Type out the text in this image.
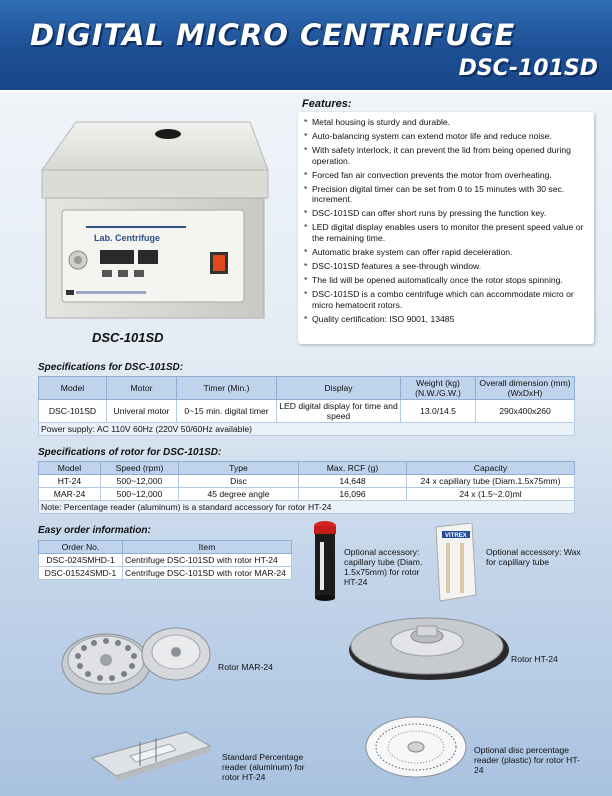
DIGITAL MICRO CENTRIFUGE
DSC-101SD
Lab. Centrifuge
DSC-101SD
Features:
* Metal housing is sturdy and durable.
* Auto-balancing system can extend motor life and reduce noise.
* With safety interlock, it can prevent the lid from being opened during operation.
* Forced fan air convection prevents the motor from overheating.
* Precision digital timer can be set from 0 to 15 minutes with 30 sec. increment.
* DSC-101SD can offer short runs by pressing the function key.
* LED digital display enables users to monitor the present speed value or the remaining time.
* Automatic brake system can offer rapid deceleration.
* DSC-101SD features a see-through window.
* The lid will be opened automatically once the rotor stops spinning.
* DSC-101SD is a combo centrifuge which can accommodate micro or micro hematocrit rotors.
* Quality certification: ISO 9001, 13485
Specifications for DSC-101SD:
Model	Motor	Timer (Min.)	Display	Weight (kg) (N.W./G.W.)	Overall dimension (mm) (WxDxH)
DSC-101SD	Univeral motor	0~15 min. digital timer	LED digital display for time and speed	13.0/14.5	290x400x260
Power supply: AC 110V 60Hz (220V 50/60Hz available)					
Specifications of rotor for DSC-101SD:
Model	Speed (rpm)	Type	Max. RCF (g)	Capacity
HT-24	500~12,000	Disc	14,648	24 x capillary tube (Diam.1.5x75mm)
MAR-24	500~12,000	45 degree angle	16,096	24 x (1.5~2.0)ml
Note: Percentage reader (aluminum) is a standard accessory for rotor HT-24				
Easy order information:
Order No.	Item
DSC-024SMHD-1	Centrifuge DSC-101SD with rotor HT-24
DSC-01524SMD-1	Centrifuge DSC-101SD with rotor MAR-24
Optional accessory: capillary tube (Diam. 1.5x75mm) for rotor HT-24
VITREX
Optional accessory: Wax for capillary tube
Rotor MAR-24
Rotor HT-24
Standard Percentage reader (aluminum) for rotor HT-24
Optional disc percentage reader (plastic) for rotor HT-24
